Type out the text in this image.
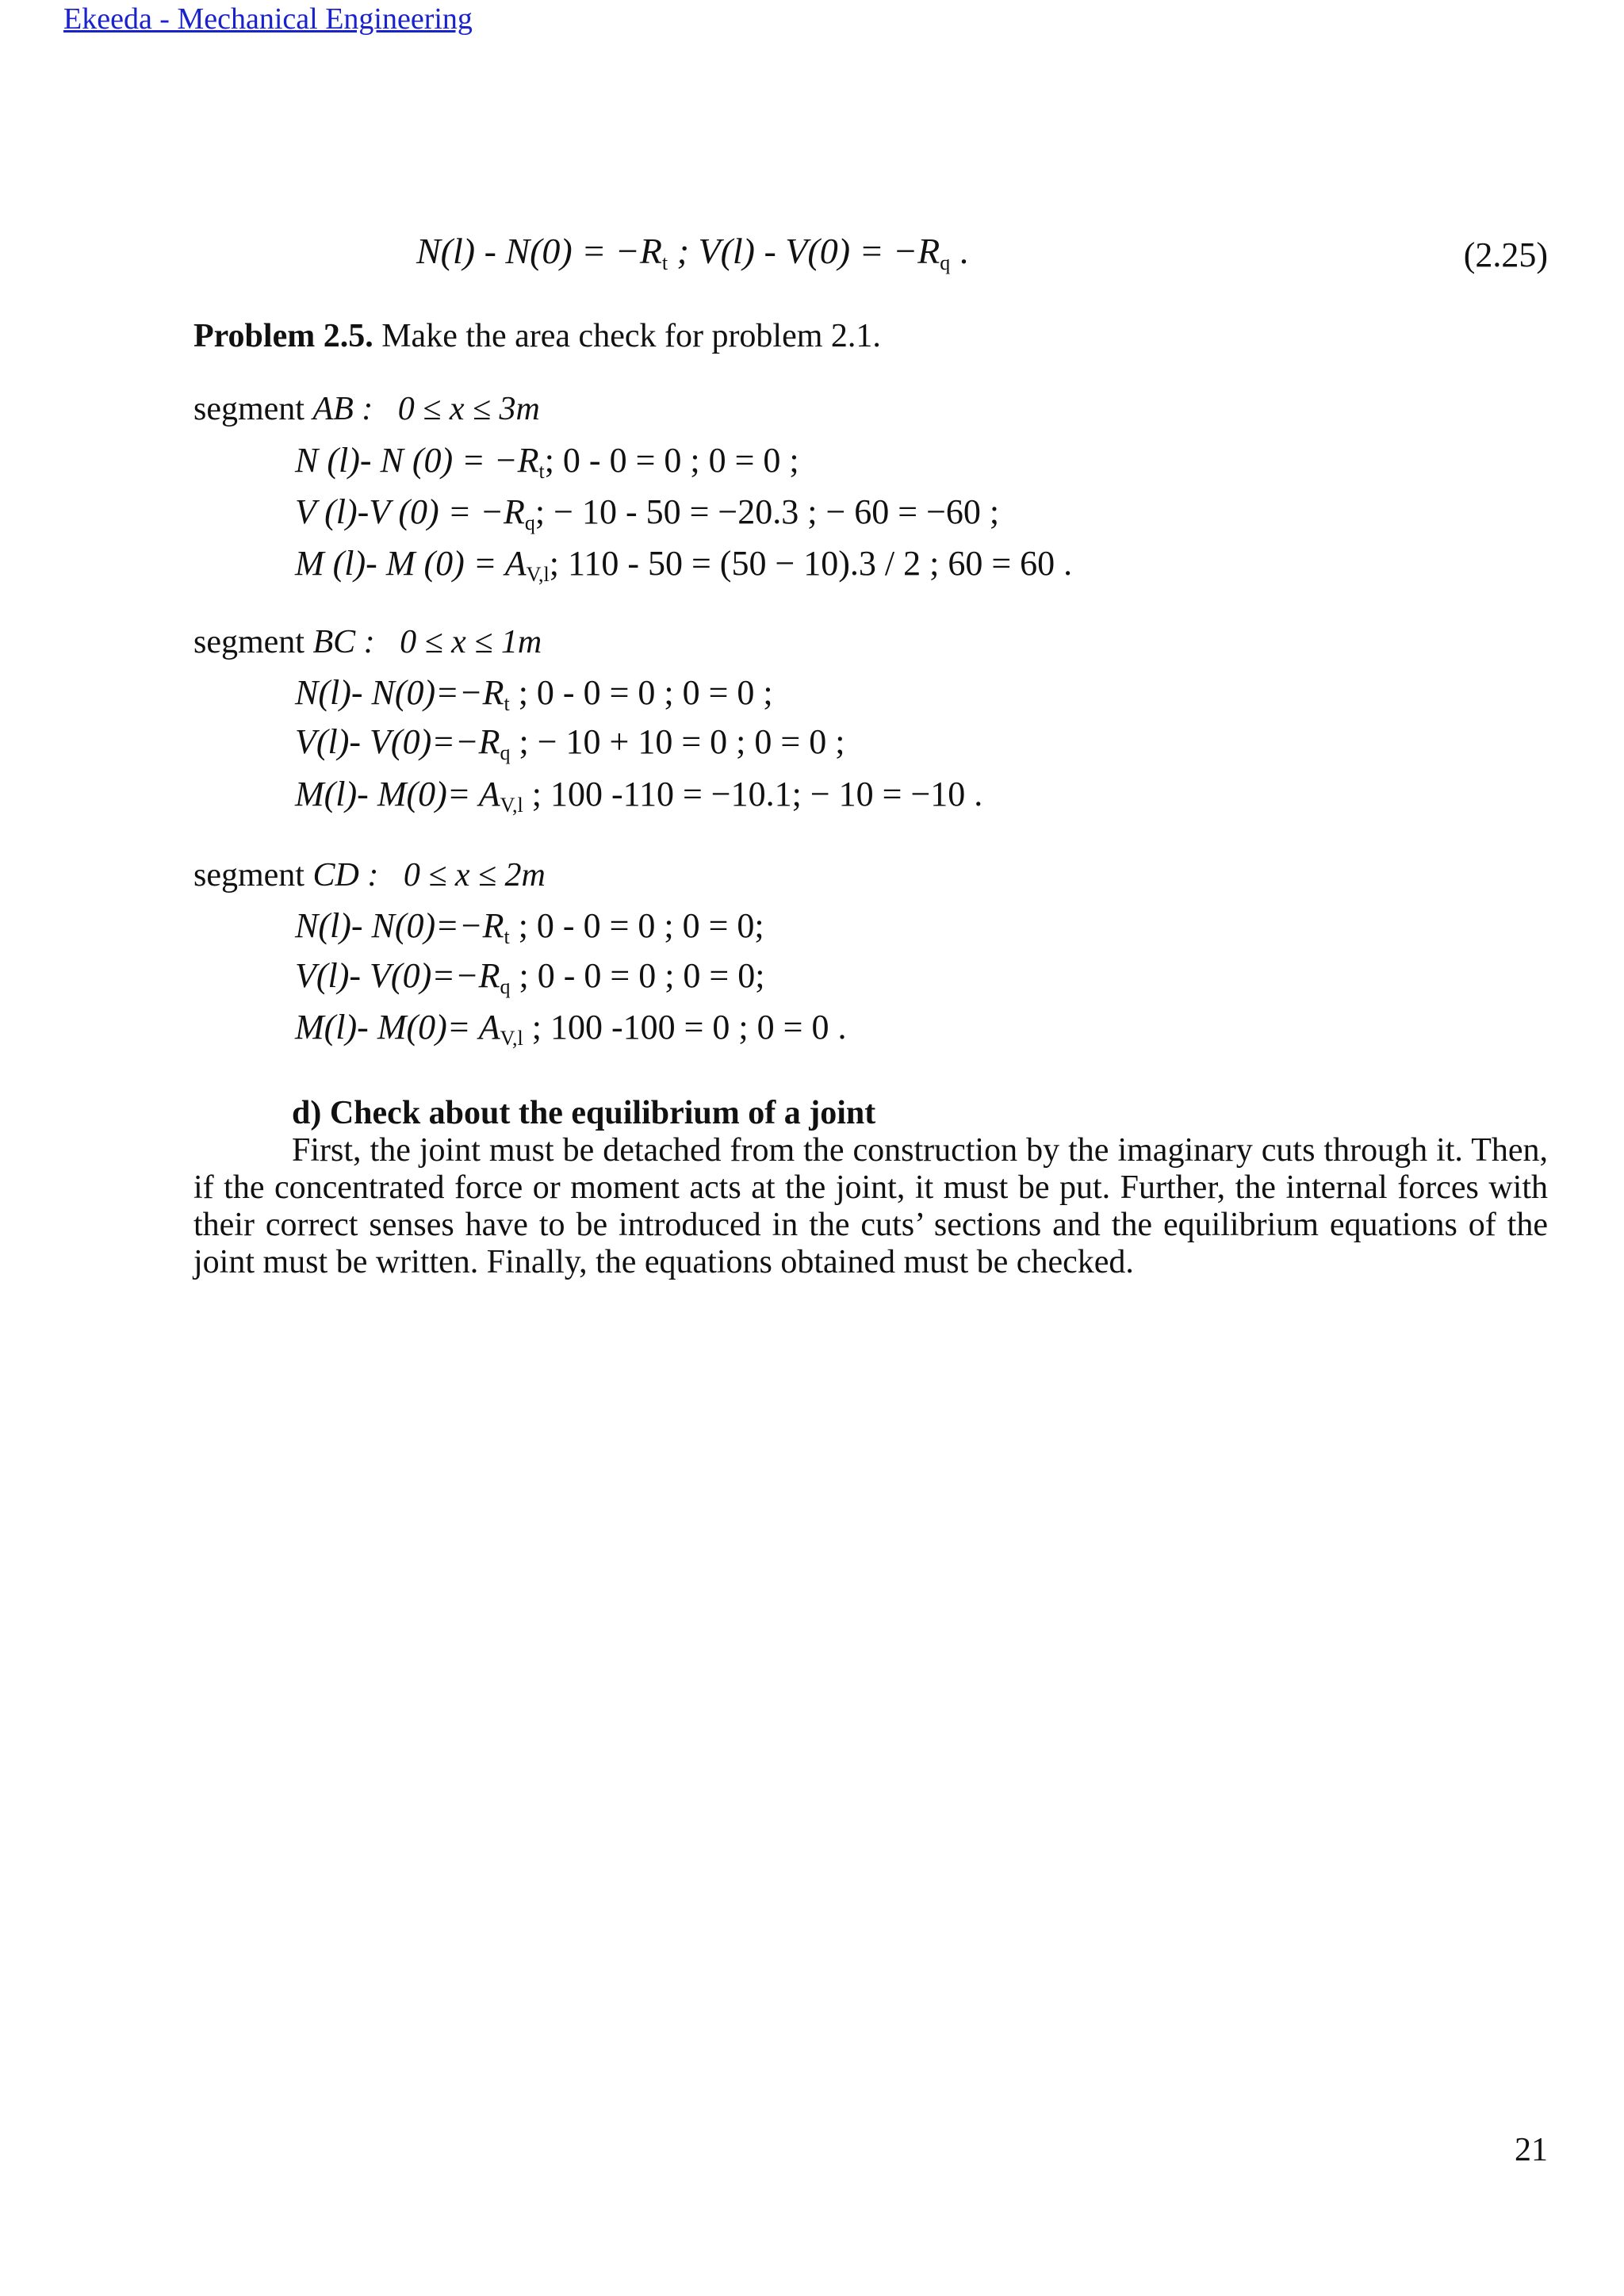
Ekeeda - Mechanical Engineering
$N(l) - N(0) = -R_t$ ; $V(l) - V(0) = -R_q$ .	(2.25)
Problem 2.5. Make the area check for problem 2.1.
segment AB : 0 ≤ x ≤ 3m
N (l)- N $(0) = -R_t$; 0 - 0 = 0 ; 0 = 0 ;
V (l)-V $(0) = -R_q$; − 10 - 50 = −20.3 ; − 60 = −60 ;
M (l)- M $(0) = A_{V,l}$; 110 - 50 = (50 − 10).3 / 2 ; 60 = 60 .
segment BC : 0 ≤ x ≤ 1m
N(l)- $N(0)=-R_t$ ; 0 - 0 = 0 ; 0 = 0 ;
V(l)- $V(0)=-R_q$ ; − 10 + 10 = 0 ; 0 = 0 ;
M(l)- $M(0)= A_{V,l}$ ; 100 -110 = −10.1; − 10 = −10 .
segment CD : 0 ≤ x ≤ 2m
N(l)- $N(0)=-R_t$ ; 0 - 0 = 0 ; 0 = 0;
V(l)- $V(0)=-R_q$ ; 0 - 0 = 0 ; 0 = 0;
M(l)- $M(0)= A_{V,l}$ ; 100 -100 = 0 ; 0 = 0 .
d) Check about the equilibrium of a joint
First, the joint must be detached from the construction by the imaginary cuts through it. Then, if the concentrated force or moment acts at the joint, it must be put. Further, the internal forces with their correct senses have to be introduced in the cuts’ sections and the equilibrium equations of the joint must be written. Finally, the equations obtained must be checked.
21
